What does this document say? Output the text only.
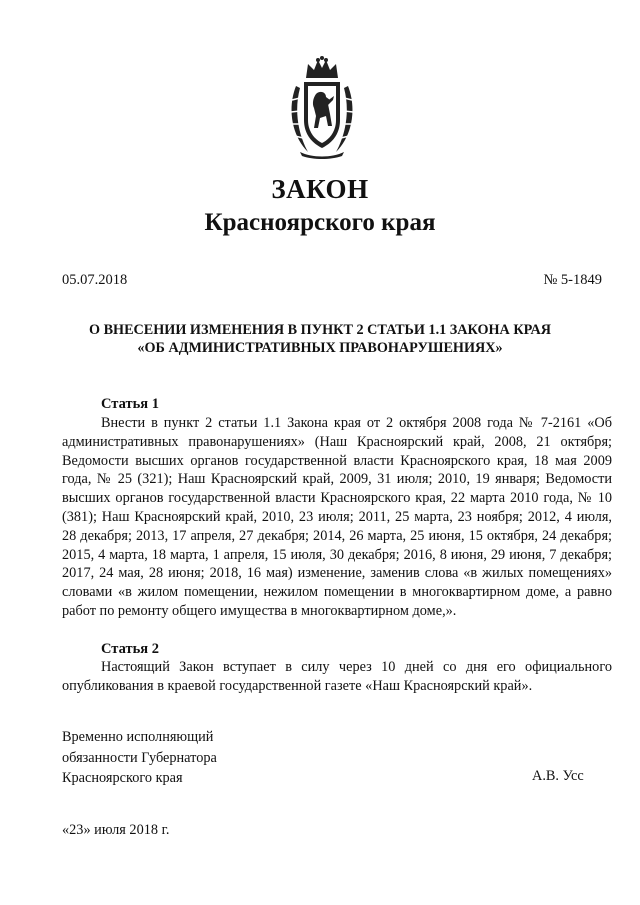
ЗАКОН
Красноярского края
05.07.2018	№ 5-1849
О ВНЕСЕНИИ ИЗМЕНЕНИЯ В ПУНКТ 2 СТАТЬИ 1.1 ЗАКОНА КРАЯ
«ОБ АДМИНИСТРАТИВНЫХ ПРАВОНАРУШЕНИЯХ»
Статья 1

Внести в пункт 2 статьи 1.1 Закона края от 2 октября 2008 года № 7-2161 «Об административных правонарушениях» (Наш Красноярский край, 2008, 21 октября; Ведомости высших органов государственной власти Красноярского края, 18 мая 2009 года, № 25 (321); Наш Красноярский край, 2009, 31 июля; 2010, 19 января; Ведомости высших органов государственной власти Красноярского края, 22 марта 2010 года, № 10 (381); Наш Красноярский край, 2010, 23 июля; 2011, 25 марта, 23 ноября; 2012, 4 июля, 28 декабря; 2013, 17 апреля, 27 декабря; 2014, 26 марта, 25 июня, 15 октября, 24 декабря; 2015, 4 марта, 18 марта, 1 апреля, 15 июля, 30 декабря; 2016, 8 июня, 29 июня, 7 декабря; 2017, 24 мая, 28 июня; 2018, 16 мая) изменение, заменив слова «в жилых помещениях» словами «в жилом помещении, нежилом помещении в многоквартирном доме, а равно работ по ремонту общего имущества в многоквартирном доме,».

Статья 2

Настоящий Закон вступает в силу через 10 дней со дня его официального опубликования в краевой государственной газете «Наш Красноярский край».

Временно исполняющий
обязанности Губернатора
Красноярского края	А.В. Усс
«23» июля 2018 г.
